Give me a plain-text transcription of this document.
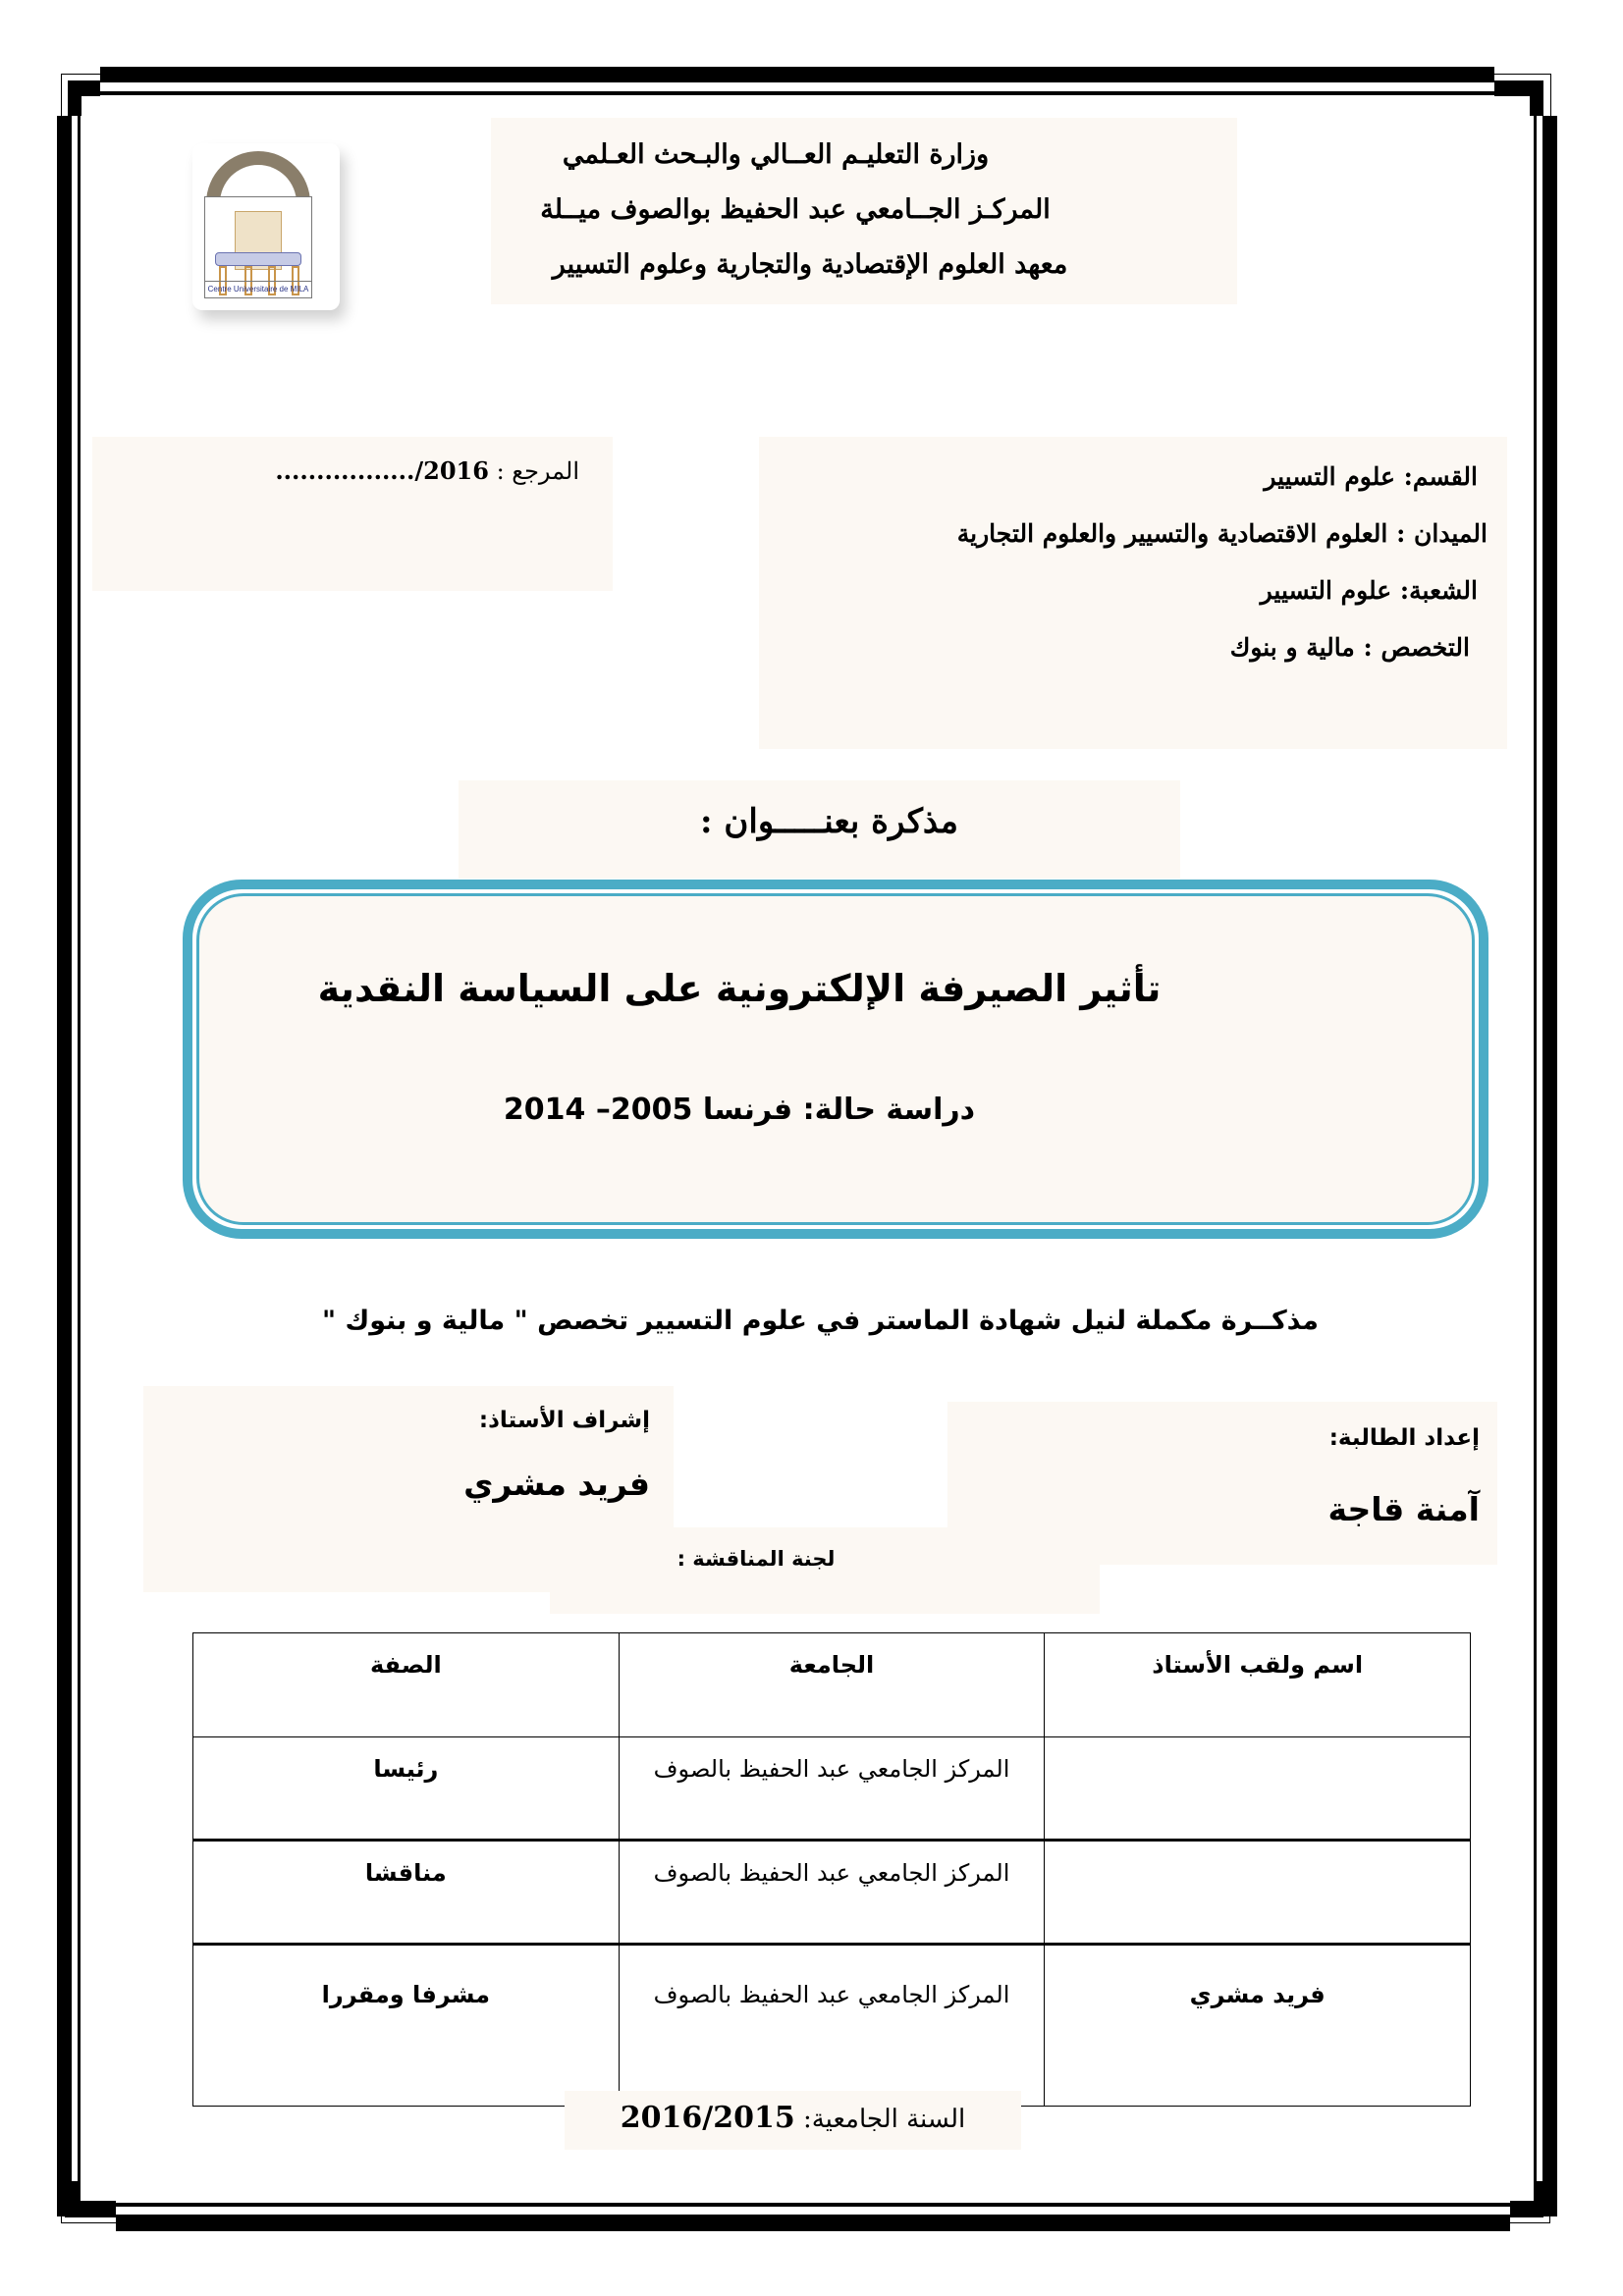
Centre Universitaire de MILA
وزارة التعليـم العــالي والبـحث العـلمي
المركـز الجــامعي عبد الحفيظ بوالصوف ميــلة
معهد العلوم الإقتصادية والتجارية وعلوم التسيير
المرجع : ................./2016	القسم: علوم التسيير
الميدان : العلوم الاقتصادية والتسيير والعلوم التجارية
الشعبة: علوم التسيير
التخصص : مالية و بنوك
مذكرة بعنـــــوان :
تأثير الصيرفة الإلكترونية على السياسة النقدية
دراسة حالة: فرنسا 2005– 2014
مذكــرة مكملة لنيل شهادة الماستر في علوم التسيير تخصص " مالية و بنوك "
إشراف الأستاذ:
فريد مشري
إعداد الطالبة:
آمنة قاجة
لجنة المناقشة :
اسم ولقب الأستاذ	الجامعة	الصفة
	المركز الجامعي عبد الحفيظ بالصوف	رئيسا
	المركز الجامعي عبد الحفيظ بالصوف	مناقشا
فريد مشري	المركز الجامعي عبد الحفيظ بالصوف	مشرفا ومقررا
السنة الجامعية: 2016/2015
